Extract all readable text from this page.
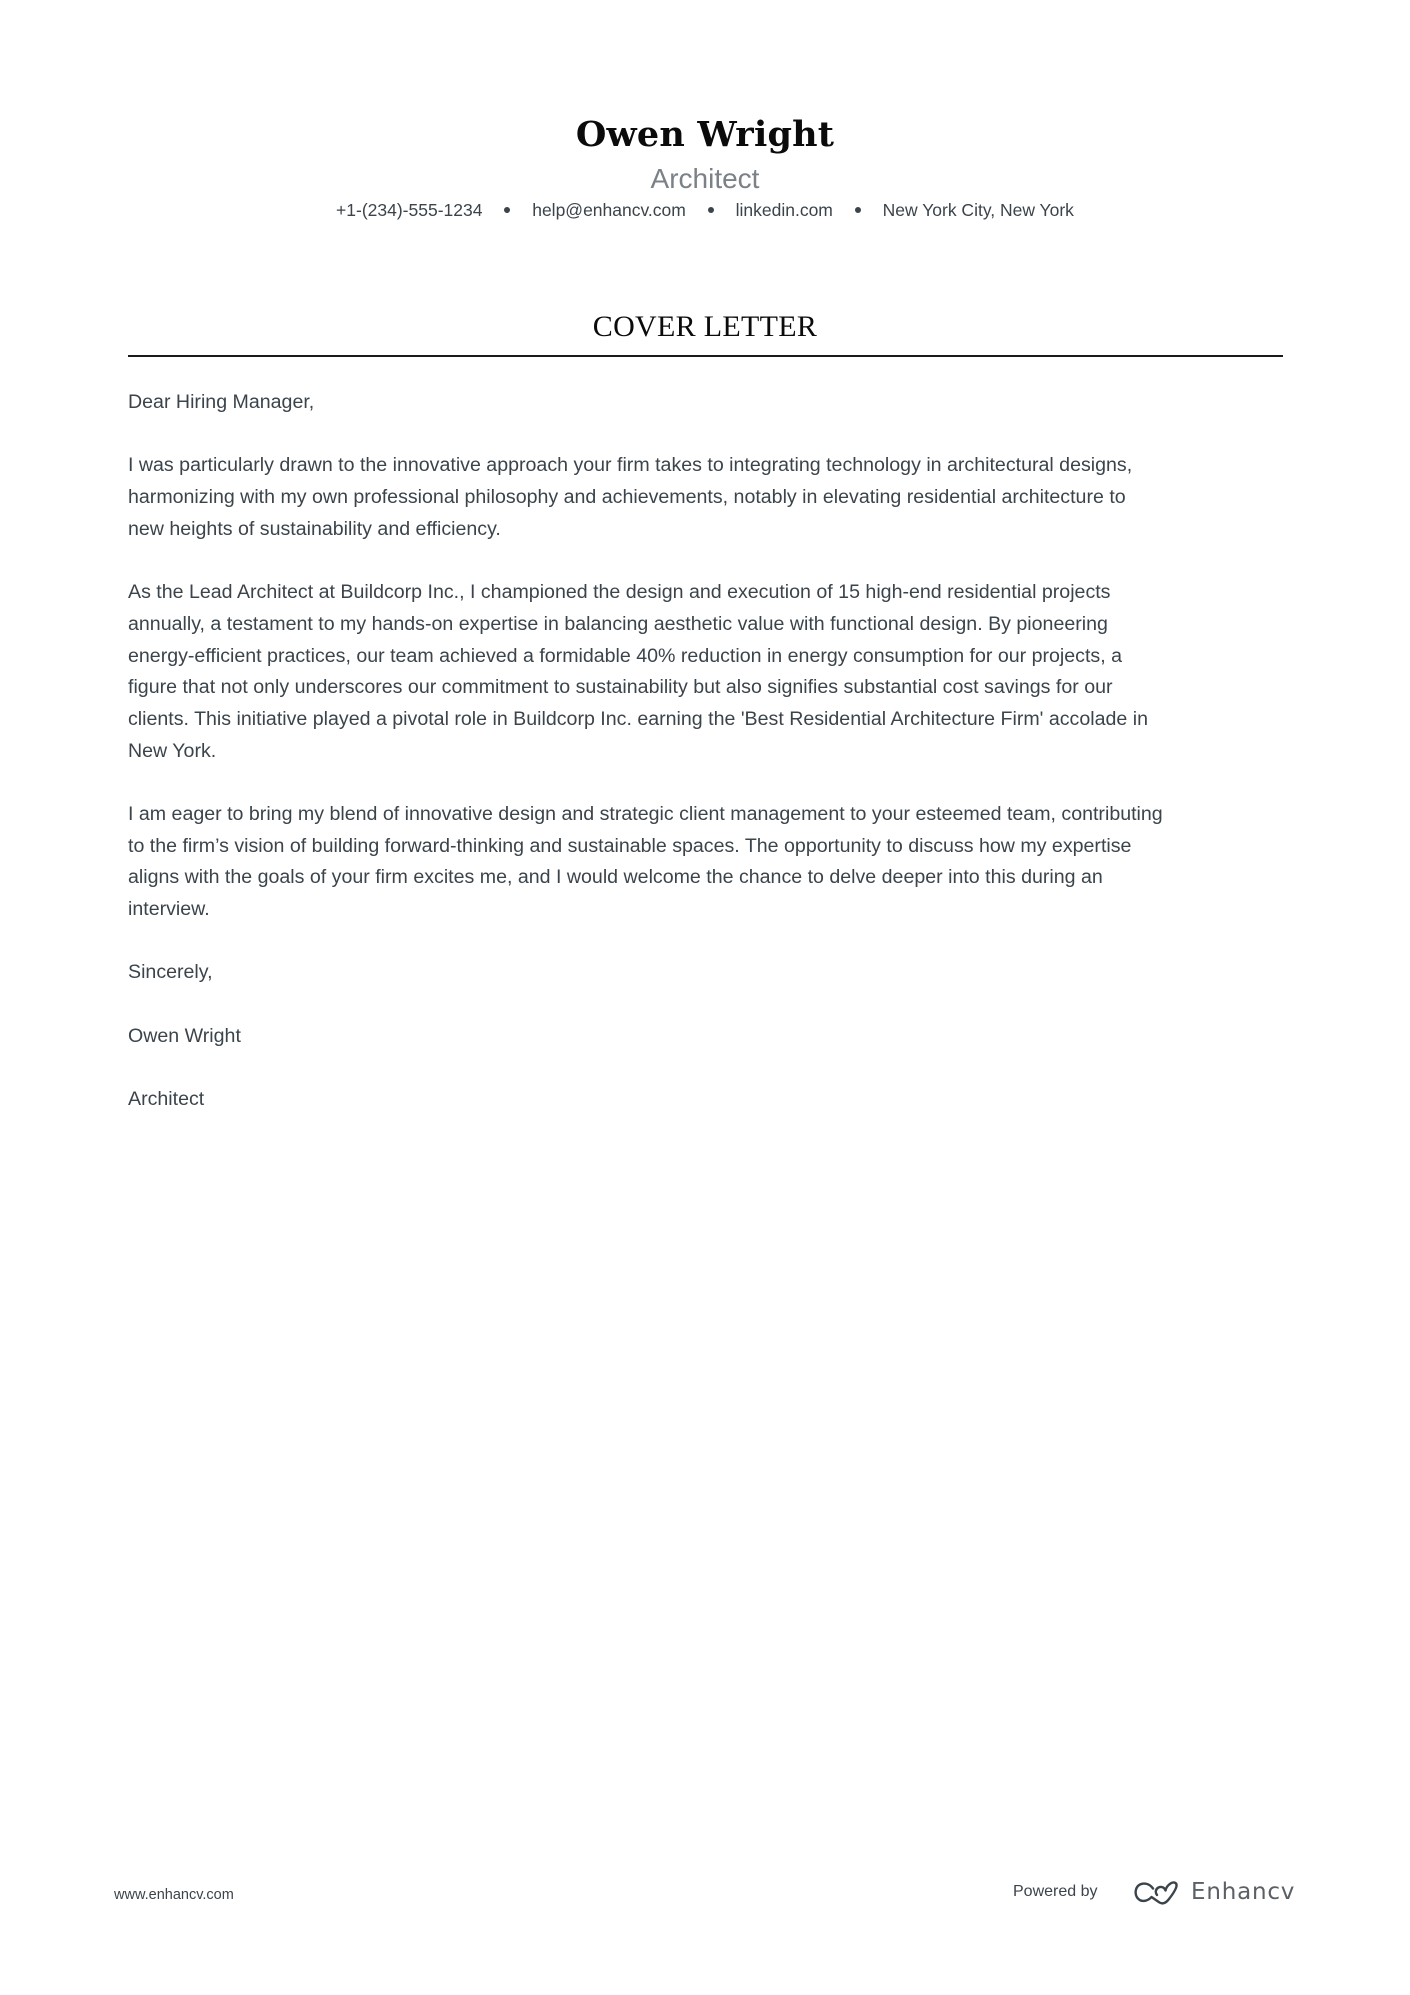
Owen Wright
Architect
+1-(234)-555-1234	help@enhancv.com	linkedin.com	New York City, New York
COVER LETTER
Dear Hiring Manager,
I was particularly drawn to the innovative approach your firm takes to integrating technology in architectural designs,
harmonizing with my own professional philosophy and achievements, notably in elevating residential architecture to
new heights of sustainability and efficiency.
As the Lead Architect at Buildcorp Inc., I championed the design and execution of 15 high-end residential projects
annually, a testament to my hands-on expertise in balancing aesthetic value with functional design. By pioneering
energy-efficient practices, our team achieved a formidable 40% reduction in energy consumption for our projects, a
figure that not only underscores our commitment to sustainability but also signifies substantial cost savings for our
clients. This initiative played a pivotal role in Buildcorp Inc. earning the 'Best Residential Architecture Firm' accolade in
New York.
I am eager to bring my blend of innovative design and strategic client management to your esteemed team, contributing
to the firm’s vision of building forward-thinking and sustainable spaces. The opportunity to discuss how my expertise
aligns with the goals of your firm excites me, and I would welcome the chance to delve deeper into this during an
interview.
Sincerely,
Owen Wright
Architect
www.enhancv.com	Powered by	Enhancv
